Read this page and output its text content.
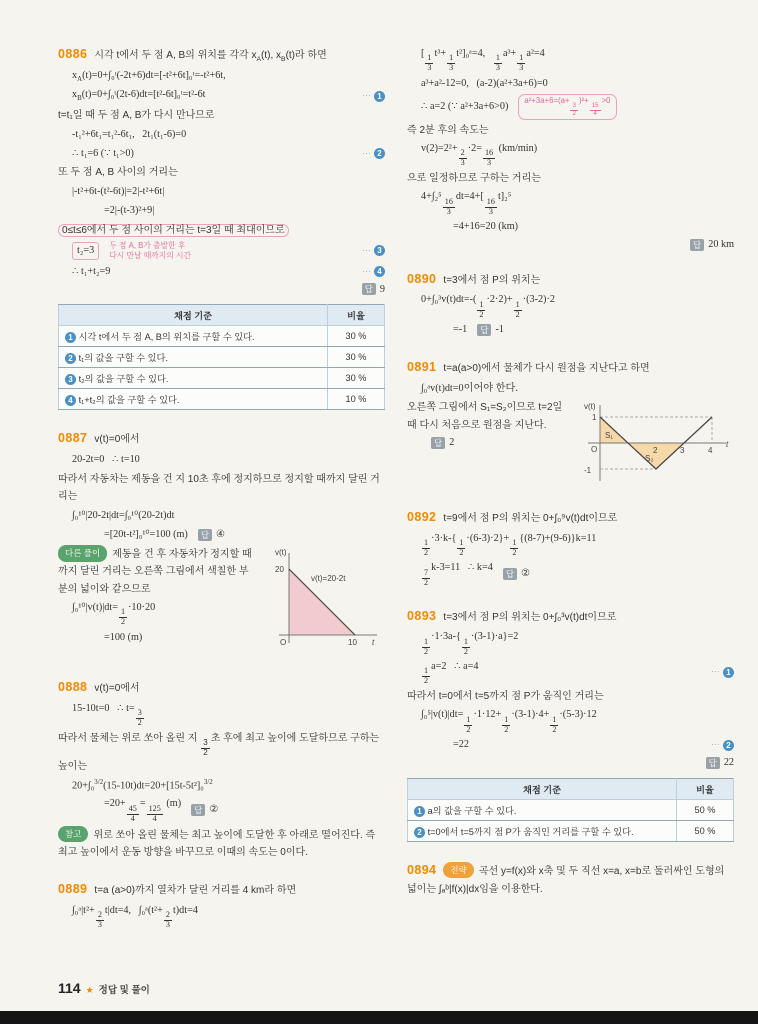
0886 시각 t에서 두 점 A, B의 위치를 각각 $x_A(t)$, $x_B(t)$라 하면

$x_A(t)=0+\int_0ᵗ(-2t+6)dt=[-t^2+6t]_0ᵗ=-t^2+6t$,
$x_B(t)=0+\int_0ᵗ(2t-6)dt=[t^2-6t]_0ᵗ=t^2-6t$	⋯ 1

t=t₁일 때 두 점 A, B가 다시 만나므로

-t₁²+6t₁=t₁²-6t₁,   2t₁(t₁-6)=0
∴ t₁=6 (∵ t₁>0)	⋯ 2

또 두 점 A, B 사이의 거리는

|-t²+6t-(t²-6t)|=2|-t²+6t|
=2|-(t-3)²+9|

0≤t≤6에서 두 점 사이의 거리는 t=3일 때 최대이므로

t₂=3	두 점 A, B가 출발한 후
다시 만날 때까지의 시간
⋯ 3
∴ t₁+t₂=9	⋯ 4
답 9
채점 기준	비율
1 시각 t에서 두 점 A, B의 위치를 구할 수 있다.	30 %
2 t₁의 값을 구할 수 있다.	30 %
3 t₂의 값을 구할 수 있다.	30 %
4 t₁+t₂의 값을 구할 수 있다.	10 %

0887 v(t)=0에서

20-2t=0   ∴ t=10

따라서 자동차는 제동을 건 지 10초 후에 정지하므로 정지할 때까지 달린 거리는

∫₀¹⁰|20-2t|dt=∫₀¹⁰(20-2t)dt
=[20t-t²]₀¹⁰=100 (m)	답 ④
v(t)
20
v(t)=20-2t
O	10 t

다른 풀이 제동을 건 후 자동차가 정지할 때까지 달린 거리는 오른쪽 그림에서 색칠한 부분의 넓이와 같으므로

∫₀¹⁰|v(t)|dt=
$\frac{1}{2}$
·10·20
=100 (m)

0888 v(t)=0에서

15-10t=0   ∴ t=
$\frac{3}{2}$

따라서 물체는 위로 쏘아 올린 지
$\frac{3}{2}$
초 후에 최고 높이에 도달하므로 구하는 높이는

20+∫₀$^{3/2}$(15-10t)dt=20+[15t-5t²]₀$^{3/2}$
=20+
$\frac{45}{4}$
=
$\frac{125}{4}$
(m)
답 ②

참고 위로 쏘아 올린 물체는 최고 높이에 도달한 후 아래로 떨어진다. 즉 최고 높이에서 운동 방향을 바꾸므로 이때의 속도는 0이다.

0889 t=a (a>0)까지 열차가 달린 거리를 4 km라 하면

∫₀ᵃ|t²+
$\frac{2}{3}$
t|dt=4,   ∫₀ᵃ(t²+
$\frac{2}{3}$
t)dt=4
[
$\frac{1}{3}$
t³+
$\frac{1}{3}$
t²]₀ᵃ=4,
$\frac{1}{3}$
a³+
$\frac{1}{3}$
a²=4
a³+a²-12=0,   (a-2)(a²+3a+6)=0
∴ a=2 (∵ a²+3a+6>0)
a²+3a+6=(a+
$\frac{3}{2}$
)²+
$\frac{15}{4}$
>0

즉 2분 후의 속도는

v(2)=2²+
$\frac{2}{3}$
·2=
$\frac{16}{3}$
(km/min)

으로 일정하므로 구하는 거리는

4+∫₂⁵
$\frac{16}{3}$
dt=4+[
$\frac{16}{3}$
t]₂⁵
=4+16=20 (km)
답 20 km

0890 t=3에서 점 P의 위치는

0+∫₀³v(t)dt=-(
$\frac{1}{2}$
·2·2)+
$\frac{1}{2}$
·(3-2)·2
=-1	답 -1

0891 t=a(a>0)에서 물체가 다시 원점을 지난다고 하면

∫₀ᵃv(t)dt=0이어야 한다.
v(t)
1
-1
S₁
S₂
O	2	3	4
t

오른쪽 그림에서 S₁=S₂이므로 t=2일 때 다시 처음으로 원점을 지난다.

답 2

0892 t=9에서 점 P의 위치는 0+∫₀⁹v(t)dt이므로

$\frac{1}{2}$
·3·k-{
$\frac{1}{2}$
·(6-3)·2}+
$\frac{1}{2}$
{(8-7)+(9-6)}k=11
$\frac{7}{2}$
k-3=11   ∴ k=4
답 ②

0893 t=3에서 점 P의 위치는 0+∫₀³v(t)dt이므로

$\frac{1}{2}$
·1·3a-{
$\frac{1}{2}$
·(3-1)·a}=2
$\frac{1}{2}$
a=2   ∴ a=4	⋯ 1

따라서 t=0에서 t=5까지 점 P가 움직인 거리는

∫₀⁵|v(t)|dt=
$\frac{1}{2}$
·1·12+
$\frac{1}{2}$
·(3-1)·4+
$\frac{1}{2}$
·(5-3)·12
=22	⋯ 2
답 22
채점 기준	비율
1 a의 값을 구할 수 있다.	50 %
2 t=0에서 t=5까지 점 P가 움직인 거리를 구할 수 있다.	50 %

0894 전략 곡선 y=f(x)와 x축 및 두 직선 x=a, x=b로 둘러싸인 도형의 넓이는 ∫ₐᵇ|f(x)|dx임을 이용한다.

114 ★ 정답 및 풀이
